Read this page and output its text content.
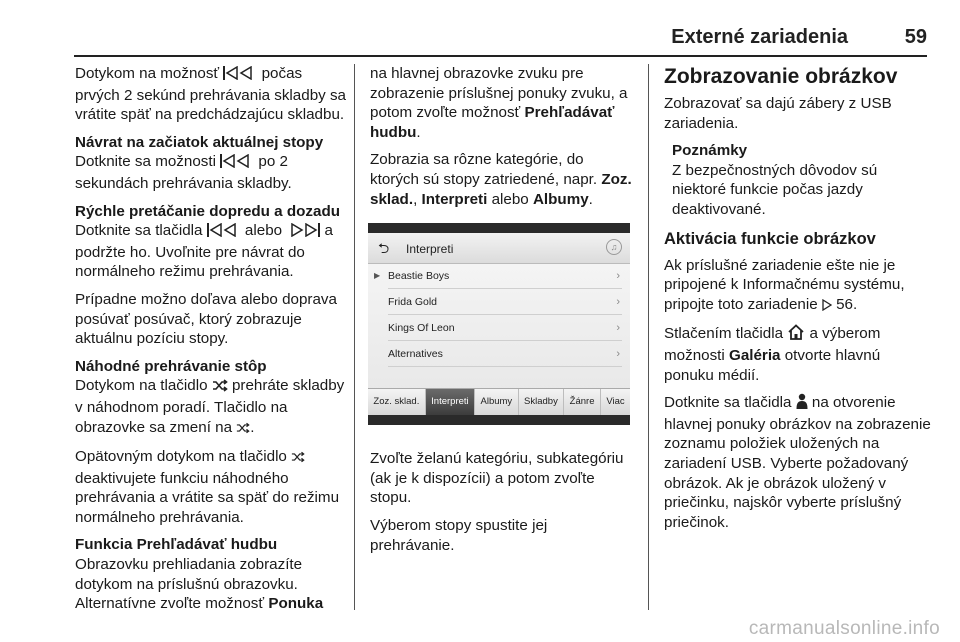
Externé zariadenia	59

Dotykom na možnosť  počas prvých 2 sekúnd prehrávania skladby sa vrátite späť na predchádzajúcu skladbu.

Návrat na začiatok aktuálnej stopy

Dotknite sa možnosti  po 2 sekundách prehrávania skladby.

Rýchle pretáčanie dopredu a dozadu

Dotknite sa tlačidla  alebo  a podržte ho. Uvoľnite pre návrat do normálneho režimu prehrávania.

Prípadne možno doľava alebo doprava posúvať posúvač, ktorý zobrazuje aktuálnu pozíciu stopy.

Náhodné prehrávanie stôp

Dotykom na tlačidlo  prehráte skladby v náhodnom poradí. Tlačidlo na obrazovke sa zmení na .

Opätovným dotykom na tlačidlo  deaktivujete funkciu náhodného prehrávania a vrátite sa späť do režimu normálneho prehrávania.

Funkcia Prehľadávať hudbu

Obrazovku prehliadania zobrazíte dotykom na príslušnú obrazovku. Alternatívne zvoľte možnosť Ponuka

na hlavnej obrazovke zvuku pre zobrazenie príslušnej ponuky zvuku, a potom zvoľte možnosť Prehľadávať hudbu.

Zobrazia sa rôzne kategórie, do ktorých sú stopy zatriedené, napr. Zoz. sklad., Interpreti alebo Albumy.

⮌ Interpreti	♫
▶ Beastie Boys	›
Frida Gold	›
Kings Of Leon	›
Alternatives	›
Zoz. sklad.	Interpreti	Albumy	Skladby	Žánre	Viac

Zvoľte želanú kategóriu, subkategóriu (ak je k dispozícii) a potom zvoľte stopu.

Výberom stopy spustite jej prehrávanie.

Zobrazovanie obrázkov

Zobrazovať sa dajú zábery z USB zariadenia.

Poznámky
Z bezpečnostných dôvodov sú niektoré funkcie počas jazdy deaktivované.
Aktivácia funkcie obrázkov

Ak príslušné zariadenie ešte nie je pripojené k Informačnému systému, pripojte toto zariadenie  56.

Stlačením tlačidla  a výberom možnosti Galéria otvorte hlavnú ponuku médií.

Dotknite sa tlačidla  na otvorenie hlavnej ponuky obrázkov na zobrazenie zoznamu položiek uložených na zariadení USB. Vyberte požadovaný obrázok. Ak je obrázok uložený v priečinku, najskôr vyberte príslušný priečinok.

carmanualsonline.info
